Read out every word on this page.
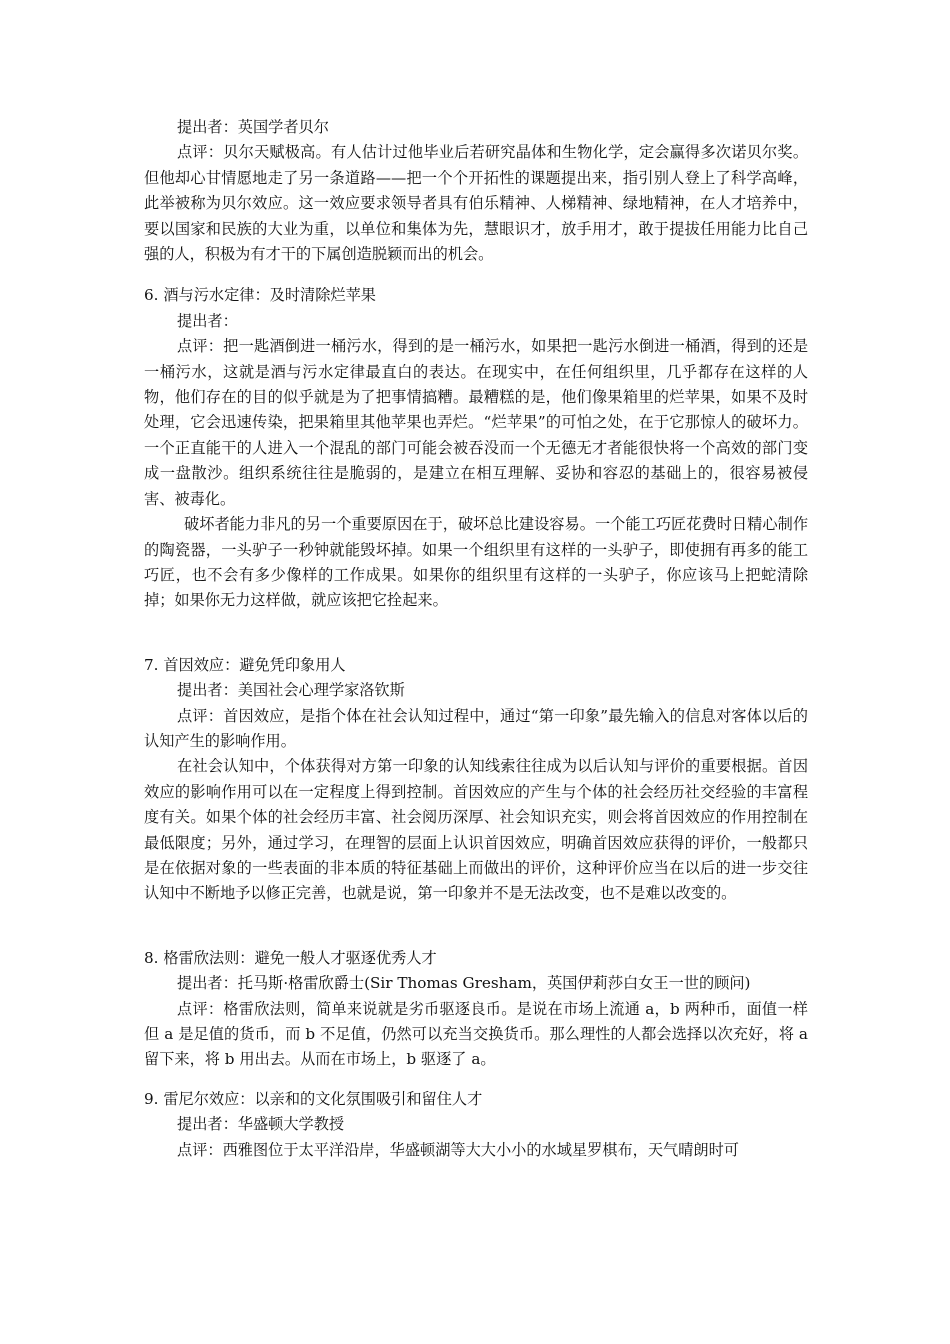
提出者：英国学者贝尔

点评：贝尔天赋极高。有人估计过他毕业后若研究晶体和生物化学，定会赢得多次诺贝尔奖。但他却心甘情愿地走了另一条道路——把一个个开拓性的课题提出来，指引别人登上了科学高峰，此举被称为贝尔效应。这一效应要求领导者具有伯乐精神、人梯精神、绿地精神，在人才培养中，要以国家和民族的大业为重，以单位和集体为先，慧眼识才，放手用才，敢于提拔任用能力比自己强的人，积极为有才干的下属创造脱颖而出的机会。

6. 酒与污水定律：及时清除烂苹果

提出者：

点评：把一匙酒倒进一桶污水，得到的是一桶污水，如果把一匙污水倒进一桶酒，得到的还是一桶污水，这就是酒与污水定律最直白的表达。在现实中，在任何组织里，几乎都存在这样的人物，他们存在的目的似乎就是为了把事情搞糟。最糟糕的是，他们像果箱里的烂苹果，如果不及时处理，它会迅速传染，把果箱里其他苹果也弄烂。“烂苹果”的可怕之处，在于它那惊人的破坏力。一个正直能干的人进入一个混乱的部门可能会被吞没而一个无德无才者能很快将一个高效的部门变成一盘散沙。组织系统往往是脆弱的，是建立在相互理解、妥协和容忍的基础上的，很容易被侵害、被毒化。

破坏者能力非凡的另一个重要原因在于，破坏总比建设容易。一个能工巧匠花费时日精心制作的陶瓷器，一头驴子一秒钟就能毁坏掉。如果一个组织里有这样的一头驴子，即使拥有再多的能工巧匠，也不会有多少像样的工作成果。如果你的组织里有这样的一头驴子，你应该马上把蛇清除掉；如果你无力这样做，就应该把它拴起来。

7. 首因效应：避免凭印象用人

提出者：美国社会心理学家洛钦斯

点评：首因效应，是指个体在社会认知过程中，通过“第一印象”最先输入的信息对客体以后的认知产生的影响作用。

在社会认知中，个体获得对方第一印象的认知线索往往成为以后认知与评价的重要根据。首因效应的影响作用可以在一定程度上得到控制。首因效应的产生与个体的社会经历社交经验的丰富程度有关。如果个体的社会经历丰富、社会阅历深厚、社会知识充实，则会将首因效应的作用控制在最低限度；另外，通过学习，在理智的层面上认识首因效应，明确首因效应获得的评价，一般都只是在依据对象的一些表面的非本质的特征基础上而做出的评价，这种评价应当在以后的进一步交往认知中不断地予以修正完善，也就是说，第一印象并不是无法改变，也不是难以改变的。

8. 格雷欣法则：避免一般人才驱逐优秀人才

提出者：托马斯·格雷欣爵士(Sir Thomas Gresham，英国伊莉莎白女王一世的顾问)

点评：格雷欣法则，简单来说就是劣币驱逐良币。是说在市场上流通 a，b 两种币，面值一样但 a 是足值的货币，而 b 不足值，仍然可以充当交换货币。那么理性的人都会选择以次充好，将 a 留下来，将 b 用出去。从而在市场上，b 驱逐了 a。

9. 雷尼尔效应：以亲和的文化氛围吸引和留住人才

提出者：华盛顿大学教授

点评：西雅图位于太平洋沿岸，华盛顿湖等大大小小的水域星罗棋布，天气晴朗时可
